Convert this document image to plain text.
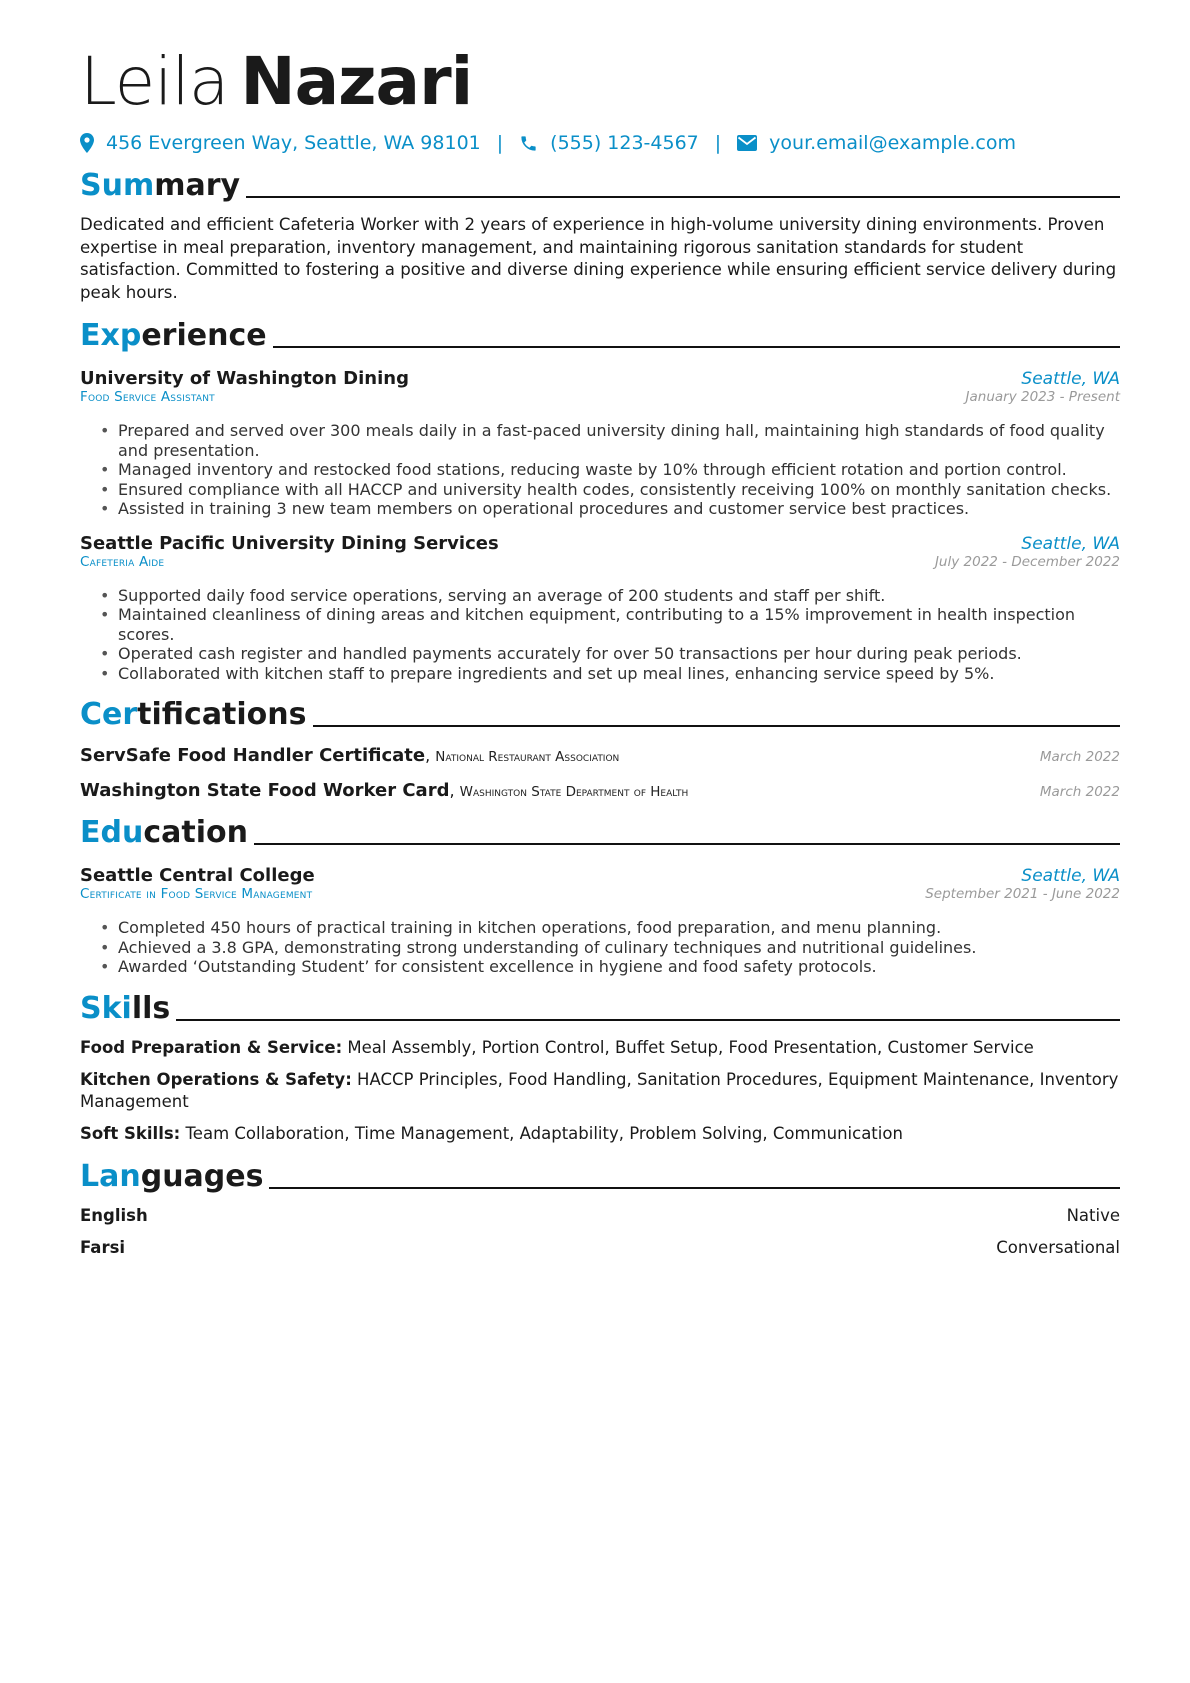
Leila Nazari
456 Evergreen Way, Seattle, WA 98101 | (555) 123-4567 |	your.email@example.com
Summary
Dedicated and efficient Cafeteria Worker with 2 years of experience in high-volume university dining environments. Proven expertise in meal preparation, inventory management, and maintaining rigorous sanitation standards for student satisfaction. Committed to fostering a positive and diverse dining experience while ensuring efficient service delivery during peak hours.
Experience
University of Washington Dining	Seattle, WA
Food Service Assistant	January 2023 - Present
• Prepared and served over 300 meals daily in a fast-paced university dining hall, maintaining high standards of food quality and presentation.
• Managed inventory and restocked food stations, reducing waste by 10% through efficient rotation and portion control.
• Ensured compliance with all HACCP and university health codes, consistently receiving 100% on monthly sanitation checks.
• Assisted in training 3 new team members on operational procedures and customer service best practices.
Seattle Pacific University Dining Services	Seattle, WA
Cafeteria Aide	July 2022 - December 2022
• Supported daily food service operations, serving an average of 200 students and staff per shift.
• Maintained cleanliness of dining areas and kitchen equipment, contributing to a 15% improvement in health inspection scores.
• Operated cash register and handled payments accurately for over 50 transactions per hour during peak periods.
• Collaborated with kitchen staff to prepare ingredients and set up meal lines, enhancing service speed by 5%.
Certifications
ServSafe Food Handler Certificate, National Restaurant Association	March 2022
Washington State Food Worker Card, Washington State Department of Health	March 2022
Education
Seattle Central College	Seattle, WA
Certificate in Food Service Management	September 2021 - June 2022
• Completed 450 hours of practical training in kitchen operations, food preparation, and menu planning.
• Achieved a 3.8 GPA, demonstrating strong understanding of culinary techniques and nutritional guidelines.
• Awarded ‘Outstanding Student’ for consistent excellence in hygiene and food safety protocols.
Skills
Food Preparation & Service: Meal Assembly, Portion Control, Buffet Setup, Food Presentation, Customer Service
Kitchen Operations & Safety: HACCP Principles, Food Handling, Sanitation Procedures, Equipment Maintenance, Inventory Management
Soft Skills: Team Collaboration, Time Management, Adaptability, Problem Solving, Communication
Languages
English	Native
Farsi	Conversational
